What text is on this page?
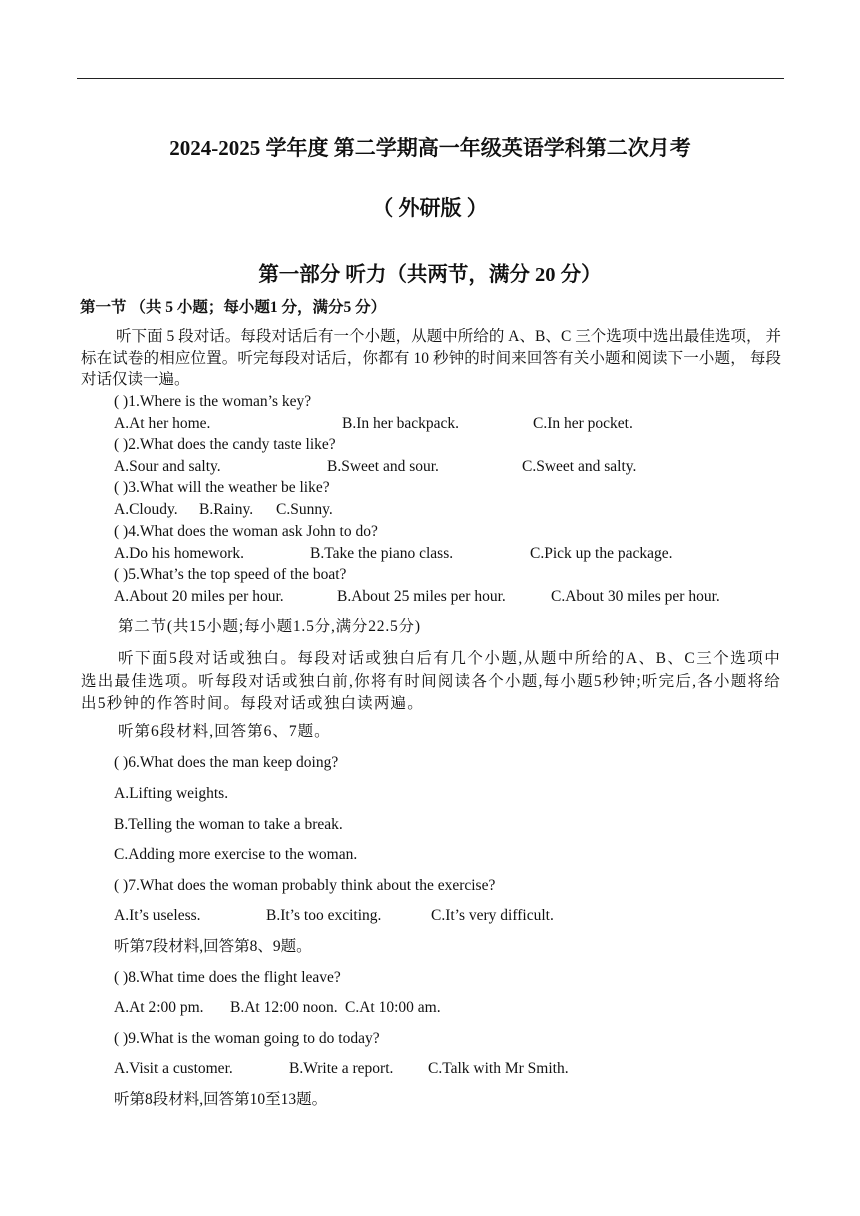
2024-2025 学年度 第二学期高一年级英语学科第二次月考
（ 外研版 ）
第一部分 听力（共两节，满分 20 分）
第一节 （共 5 小题；每小题1 分，满分5 分）
听下面 5 段对话。每段对话后有一个小题，从题中所给的 A、B、C 三个选项中选出最佳选项， 并标在试卷的相应位置。听完每段对话后，你都有 10 秒钟的时间来回答有关小题和阅读下一小题， 每段对话仅读一遍。
( )1.Where is the woman’s key?
A.At her home.	B.In her backpack.	C.In her pocket.
( )2.What does the candy taste like?
A.Sour and salty.	B.Sweet and sour.	C.Sweet and salty.
( )3.What will the weather be like?
A.Cloudy. B.Rainy. C.Sunny.
( )4.What does the woman ask John to do?
A.Do his homework.	B.Take the piano class.	C.Pick up the package.
( )5.What’s the top speed of the boat?
A.About 20 miles per hour.	B.About 25 miles per hour.	C.About 30 miles per hour.
第二节(共15小题;每小题1.5分,满分22.5分)
听下面5段对话或独白。每段对话或独白后有几个小题,从题中所给的A、B、C三个选项中选出最佳选项。听每段对话或独白前,你将有时间阅读各个小题,每小题5秒钟;听完后,各小题将给出5秒钟的作答时间。每段对话或独白读两遍。
听第6段材料,回答第6、7题。
( )6.What does the man keep doing?
A.Lifting weights.
B.Telling the woman to take a break.
C.Adding more exercise to the woman.
( )7.What does the woman probably think about the exercise?
A.It’s useless.	B.It’s too exciting.	C.It’s very difficult.
听第7段材料,回答第8、9题。
( )8.What time does the flight leave?
A.At 2:00 pm. B.At 12:00 noon. C.At 10:00 am.
( )9.What is the woman going to do today?
A.Visit a customer.	B.Write a report. C.Talk with Mr Smith.
听第8段材料,回答第10至13题。
